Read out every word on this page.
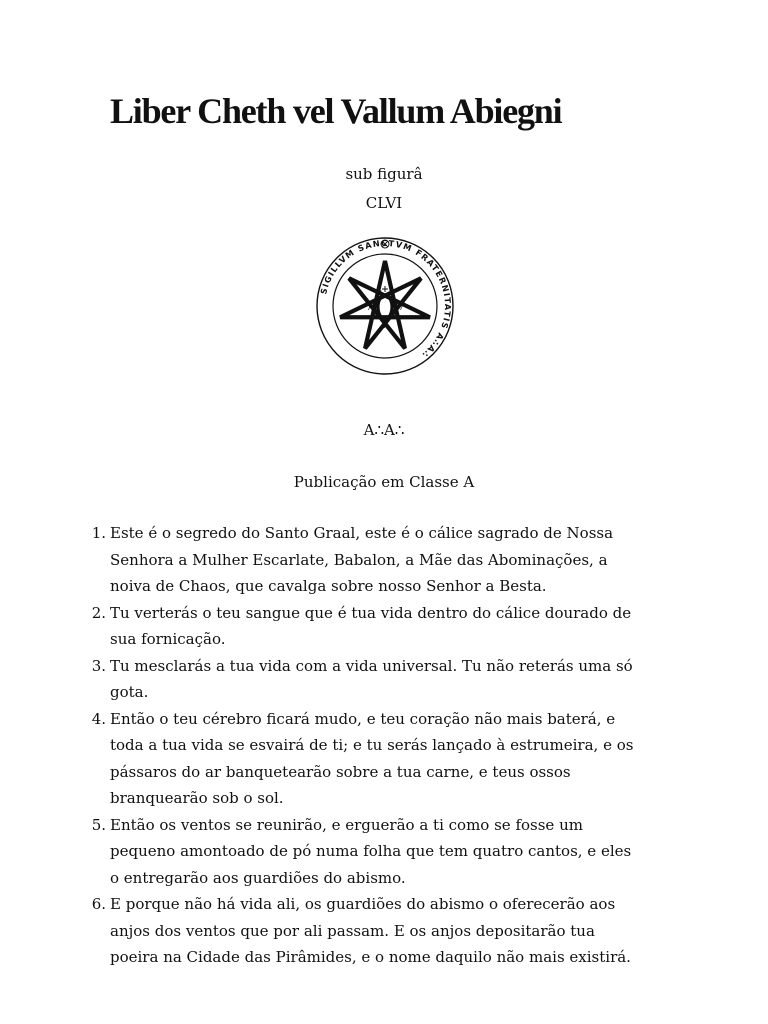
Liber Cheth vel Vallum Abiegni
sub figurâ
CLVI
SIGILLVM SANCTVM FRATERNITATIS A∴A∴
7 7
77	77
7
A∴A∴
Publicação em Classe A
1. Este é o segredo do Santo Graal, este é o cálice sagrado de Nossa
Senhora a Mulher Escarlate, Babalon, a Mãe das Abominações, a
noiva de Chaos, que cavalga sobre nosso Senhor a Besta.
2. Tu verterás o teu sangue que é tua vida dentro do cálice dourado de
sua fornicação.
3. Tu mesclarás a tua vida com a vida universal. Tu não reterás uma só
gota.
4. Então o teu cérebro ficará mudo, e teu coração não mais baterá, e
toda a tua vida se esvairá de ti; e tu serás lançado à estrumeira, e os
pássaros do ar banquetearão sobre a tua carne, e teus ossos
branquearão sob o sol.
5. Então os ventos se reunirão, e erguerão a ti como se fosse um
pequeno amontoado de pó numa folha que tem quatro cantos, e eles
o entregarão aos guardiões do abismo.
6. E porque não há vida ali, os guardiões do abismo o oferecerão aos
anjos dos ventos que por ali passam. E os anjos depositarão tua
poeira na Cidade das Pirâmides, e o nome daquilo não mais existirá.
